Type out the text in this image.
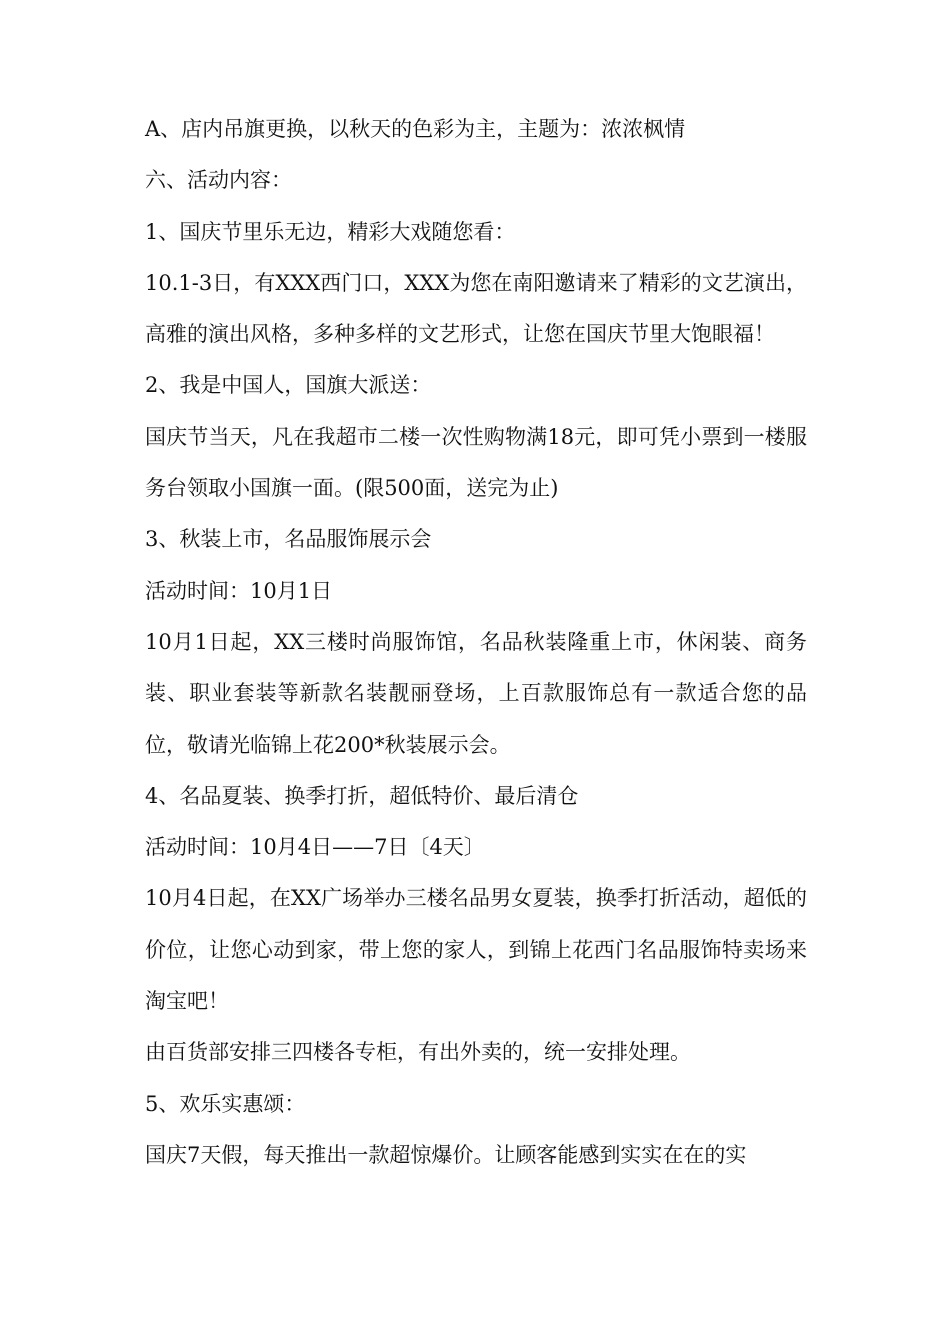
A、店内吊旗更换，以秋天的色彩为主，主题为：浓浓枫情

六、活动内容：

1、国庆节里乐无边，精彩大戏随您看：

10.1-3日，有XXX西门口，XXX为您在南阳邀请来了精彩的文艺演出，高雅的演出风格，多种多样的文艺形式，让您在国庆节里大饱眼福！

2、我是中国人，国旗大派送：

国庆节当天，凡在我超市二楼一次性购物满18元，即可凭小票到一楼服务台领取小国旗一面。(限500面，送完为止)

3、秋装上市，名品服饰展示会

活动时间：10月1日

10月1日起，XX三楼时尚服饰馆，名品秋装隆重上市，休闲装、商务装、职业套装等新款名装靓丽登场，上百款服饰总有一款适合您的品位，敬请光临锦上花200*秋装展示会。

4、名品夏装、换季打折，超低特价、最后清仓

活动时间：10月4日——7日〔4天〕

10月4日起，在XX广场举办三楼名品男女夏装，换季打折活动，超低的价位，让您心动到家，带上您的家人，到锦上花西门名品服饰特卖场来淘宝吧！

由百货部安排三四楼各专柜，有出外卖的，统一安排处理。

5、欢乐实惠颂：

国庆7天假，每天推出一款超惊爆价。让顾客能感到实实在在的实
